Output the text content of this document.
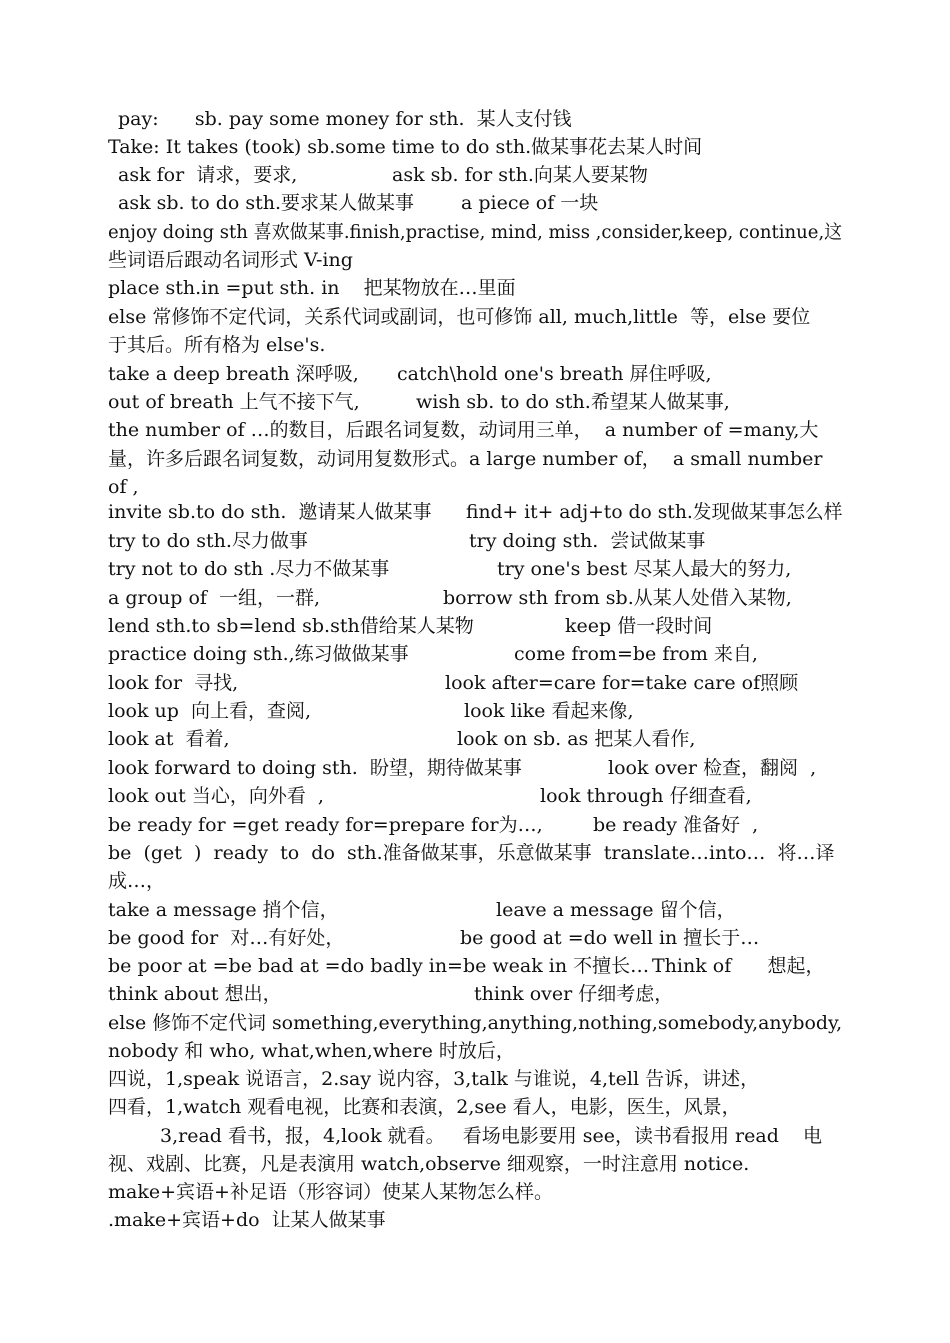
pay:      sb. pay some money for sth.  某人支付钱
Take: It takes (took) sb.some time to do sth.做某事花去某人时间
ask for  请求，要求,	ask sb. for sth.向某人要某物
ask sb. to do sth.要求某人做某事 a piece of 一块
enjoy doing sth 喜欢做某事.finish,practise, mind, miss ,consider,keep, continue,这
些词语后跟动名词形式 V-ing
place sth.in =put sth. in    把某物放在…里面
else 常修饰不定代词，关系代词或副词，也可修饰 all, much,little  等，else 要位
于其后。所有格为 else's.
take a deep breath 深呼吸, catch\hold one's breath 屏住呼吸,
out of breath 上气不接下气,	wish sb. to do sth.希望某人做某事,
the number of …的数目，后跟名词复数，动词用三单，  a number of =many,大
量，许多后跟名词复数，动词用复数形式。a large number of，  a small number
of ,
invite sb.to do sth.  邀请某人做某事 find+ it+ adj+to do sth.发现做某事怎么样
try to do sth.尽力做事	try doing sth.  尝试做某事
try not to do sth .尽力不做某事	try one's best 尽某人最大的努力,
a group of  一组，一群,	borrow sth from sb.从某人处借入某物,
lend sth.to sb=lend sb.sth借给某人某物	keep 借一段时间
practice doing sth.,练习做做某事	come from=be from 来自,
look for  寻找,	look after=care for=take care of照顾
look up  向上看，查阅,	look like 看起来像,
look at  看着,	look on sb. as 把某人看作,
look forward to doing sth.  盼望，期待做某事	look over 检查，翻阅  ,
look out 当心，向外看  ,	look through 仔细查看,
be ready for =get ready for=prepare for为…,	be ready 准备好  ,
be  (get  )  ready  to  do  sth.准备做某事，乐意做某事  translate…into…  将…译
成…，
take a message 捎个信，	leave a message 留个信，
be good for  对…有好处，	be good at =do well in 擅长于…
be poor at =be bad at =do badly in=be weak in 不擅长… Think of      想起，
think about 想出，	think over 仔细考虑，
else 修饰不定代词 something,everything,anything,nothing,somebody,anybody,
nobody 和 who, what,when,where 时放后，
四说，1,speak 说语言，2.say 说内容，3,talk 与谁说，4,tell 告诉，讲述，
四看，1,watch 观看电视，比赛和表演，2,see 看人，电影，医生，风景，
3,read 看书，报，4,look 就看。   看场电影要用 see，读书看报用 read    电
视、戏剧、比赛，凡是表演用 watch,observe 细观察，一时注意用 notice.
make+宾语+补足语（形容词）使某人某物怎么样。
.make+宾语+do  让某人做某事
